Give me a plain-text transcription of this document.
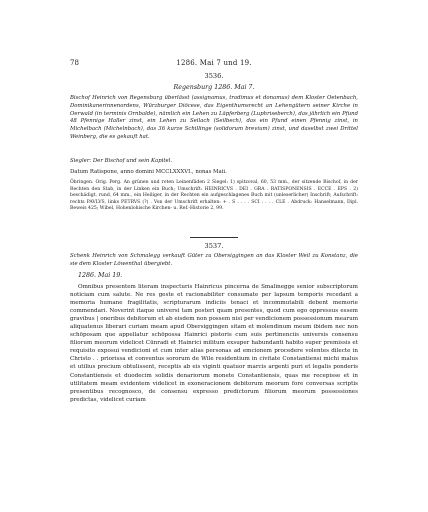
78	1286. Mai 7 und 19.
3536.
Regensburg 1286. Mai 7.
Bischof Heinrich von Regensburg überlässt (assignamus, tradimus et donamus) dem Kloster Oetenbach, Dominikanerinnenordens, Würzburger Diöcese, das Eigenthumsrecht an Lehengütern seiner Kirche in Oerwald (in terminis Ornbalde), nämlich ein Lehen zu Läpferberg (Luphriseberch), das jährlich ein Pfund 48 Pfennige Haller zinst, ein Lehen zu Seilach (Seilbech), das ein Pfund einen Pfennig zinst, in Michelbach (Michelnbach), das 36 kurze Schillinge (solidorum brevium) zinst, und daselbst zwei Drittel Weinberg, die es gekauft hat.
Siegler: Der Bischof und sein Kapitel.
Datum Ratispone, anno domini MCCLXXXVI., nonas Maii.
Öhringen. Orig. Perg. An grünen und roten Leinenfäden 2 Siegel: 1) spitzoval, 60, 53 mm., der sitzende Bischof, in der Rechten den Stab, in der Linken ein Buch; Umschrift: HEINRICVS . DEI . GRA . RATISPONENSIS . ECCE . EPS . 2) beschädigt, rund, 64 mm., ein Heiliger, in der Rechten ein aufgeschlagenes Buch mit (unleserlicher) Inschrift; Aufschrift: rechts PAVLVS, links PETRVS (?) . Von der Umschrift erhalten: + . S . . . . SCI . . . . CLE . Abdruck: Hanselmann, Dipl. Beweis 425; Wibel, Hohenlohische Kirchen- u. Ref.-Historie 2, 99.
3537.
Schenk Heinrich von Schmalegg verkauft Güter zu Obersiggingen an das Kloster Weil zu Konstanz, die sie dem Kloster Löwenthal übergiebt.
1286. Mai 19.

Omnibus presentem literam inspecturis Hainricus pincerna de Smalinegge senior subscriptorum noticiam cum salute. Ne res geste et racionabiliter consumate per lapsum temporis recedant a memoria humane fragilitatis, scripturarum indiciis tenaci et incommutabili debent memorie commendari. Noverint itaque universi tam posteri quam presentes, quod cum ego oppressus essem gravibus | oneribus debitorum et ab eisdem non possem nisi per vendicionem possessionum mearum aliquatenus liberari curiam meam apud Obersiggingen sitam et molendinum meum ibidem nec non schōposam que appellatur schōpossa Hainrici pistoris cum suis pertinenciis universis consensu filiorum meorum videlicet Cūnradi et Hainrici militum exsuper habundanti habito super premissis et requisito exposui vendicioni et cum inter alias personas ad emcionem procedere volentes dilecte in Christo . . priorissa et conventus sororum de Wile residentium in civitate Constantiensi michi malus et utilius precium obtulissent, receptis ab eis viginti quatuor marcis argenti puri et legalis ponderis Constantiensis et duodecim solidis denariorum monete Constantiensis, quas me recepisse et in utilitatem meam evidentem videlicet in exoneracionem debitorum meorum fore conversas scriptis presentibus recognosco, de consensu expresso predictorum filiorum meorum possessiones predictas, videlicet curiam
